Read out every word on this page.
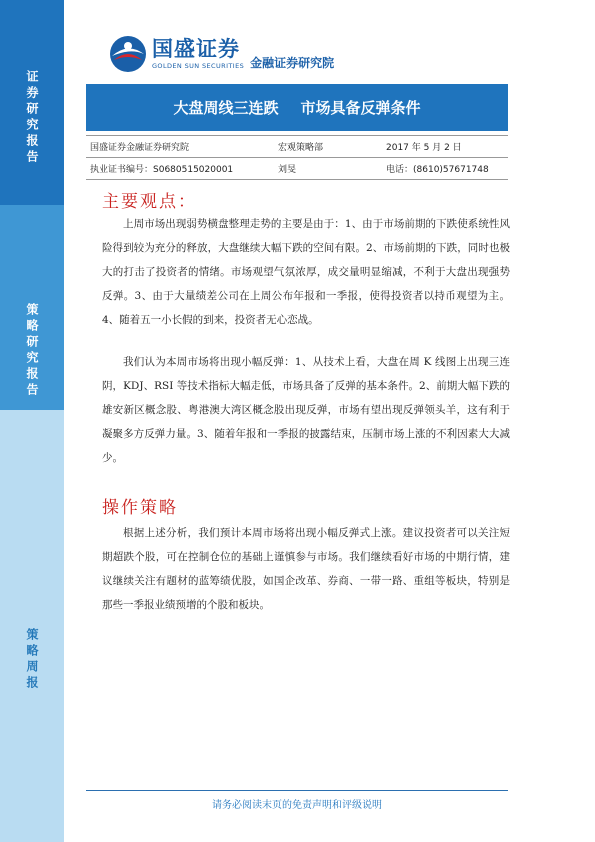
证券研究报告
策略研究报告
策略周报
国盛证券
GOLDEN SUN SECURITIES 金融证券研究院
大盘周线三连跌 市场具备反弹条件
国盛证券金融证券研究院	宏观策略部	2017 年 5 月 2 日
执业证书编号：S0680515020001	刘旻	电话：(8610)57671748
主要观点：
上周市场出现弱势横盘整理走势的主要是由于：1、由于市场前期的下跌使系统性风险得到较为充分的释放，大盘继续大幅下跌的空间有限。2、市场前期的下跌，同时也极大的打击了投资者的情绪。市场观望气氛浓厚，成交量明显缩减，不利于大盘出现强势反弹。3、由于大量绩差公司在上周公布年报和一季报，使得投资者以持币观望为主。4、随着五一小长假的到来，投资者无心恋战。
我们认为本周市场将出现小幅反弹：1、从技术上看，大盘在周 K 线图上出现三连阴，KDJ、RSI 等技术指标大幅走低，市场具备了反弹的基本条件。2、前期大幅下跌的雄安新区概念股、粤港澳大湾区概念股出现反弹，市场有望出现反弹领头羊，这有利于凝聚多方反弹力量。3、随着年报和一季报的披露结束，压制市场上涨的不利因素大大减少。
操作策略
根据上述分析，我们预计本周市场将出现小幅反弹式上涨。建议投资者可以关注短期超跌个股，可在控制仓位的基础上谨慎参与市场。我们继续看好市场的中期行情，建议继续关注有题材的蓝筹绩优股，如国企改革、券商、一带一路、重组等板块，特别是那些一季报业绩预增的个股和板块。
请务必阅读末页的免责声明和评级说明
